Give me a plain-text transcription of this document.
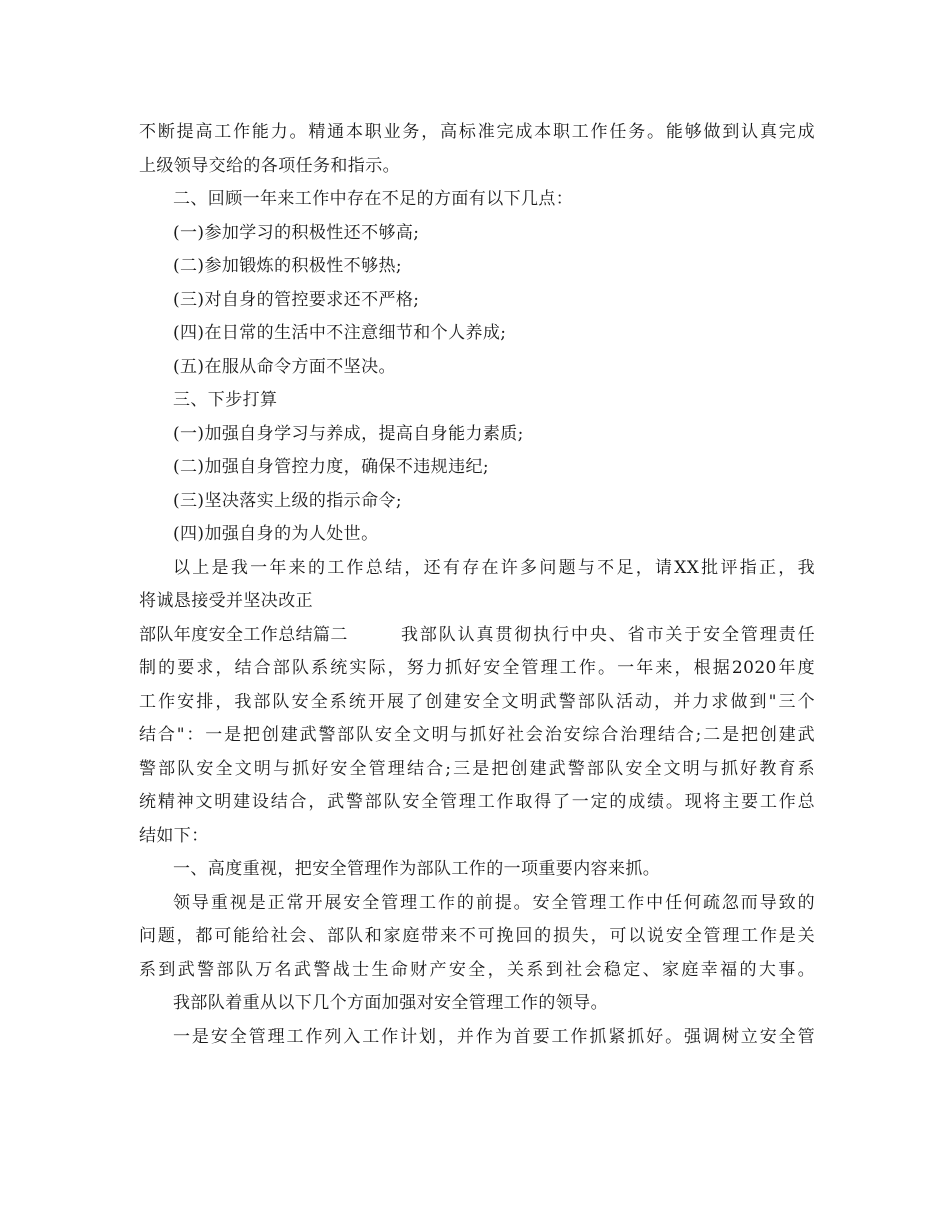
不断提高工作能力。精通本职业务，高标准完成本职工作任务。能够做到认真完成
上级领导交给的各项任务和指示。
二、回顾一年来工作中存在不足的方面有以下几点：
(一)参加学习的积极性还不够高;
(二)参加锻炼的积极性不够热;
(三)对自身的管控要求还不严格;
(四)在日常的生活中不注意细节和个人养成;
(五)在服从命令方面不坚决。
三、下步打算
(一)加强自身学习与养成，提高自身能力素质;
(二)加强自身管控力度，确保不违规违纪;
(三)坚决落实上级的指示命令;
(四)加强自身的为人处世。
以上是我一年来的工作总结，还有存在许多问题与不足，请XX批评指正，我
将诚恳接受并坚决改正
部队年度安全工作总结篇二	我部队认真贯彻执行中央、省市关于安全管理责任
制的要求，结合部队系统实际，努力抓好安全管理工作。一年来，根据2020年度
工作安排，我部队安全系统开展了创建安全文明武警部队活动，并力求做到"三个
结合"：一是把创建武警部队安全文明与抓好社会治安综合治理结合;二是把创建武
警部队安全文明与抓好安全管理结合;三是把创建武警部队安全文明与抓好教育系
统精神文明建设结合，武警部队安全管理工作取得了一定的成绩。现将主要工作总
结如下：
一、高度重视，把安全管理作为部队工作的一项重要内容来抓。
领导重视是正常开展安全管理工作的前提。安全管理工作中任何疏忽而导致的
问题，都可能给社会、部队和家庭带来不可挽回的损失，可以说安全管理工作是关
系到武警部队万名武警战士生命财产安全，关系到社会稳定、家庭幸福的大事。
我部队着重从以下几个方面加强对安全管理工作的领导。
一是安全管理工作列入工作计划，并作为首要工作抓紧抓好。强调树立安全管
